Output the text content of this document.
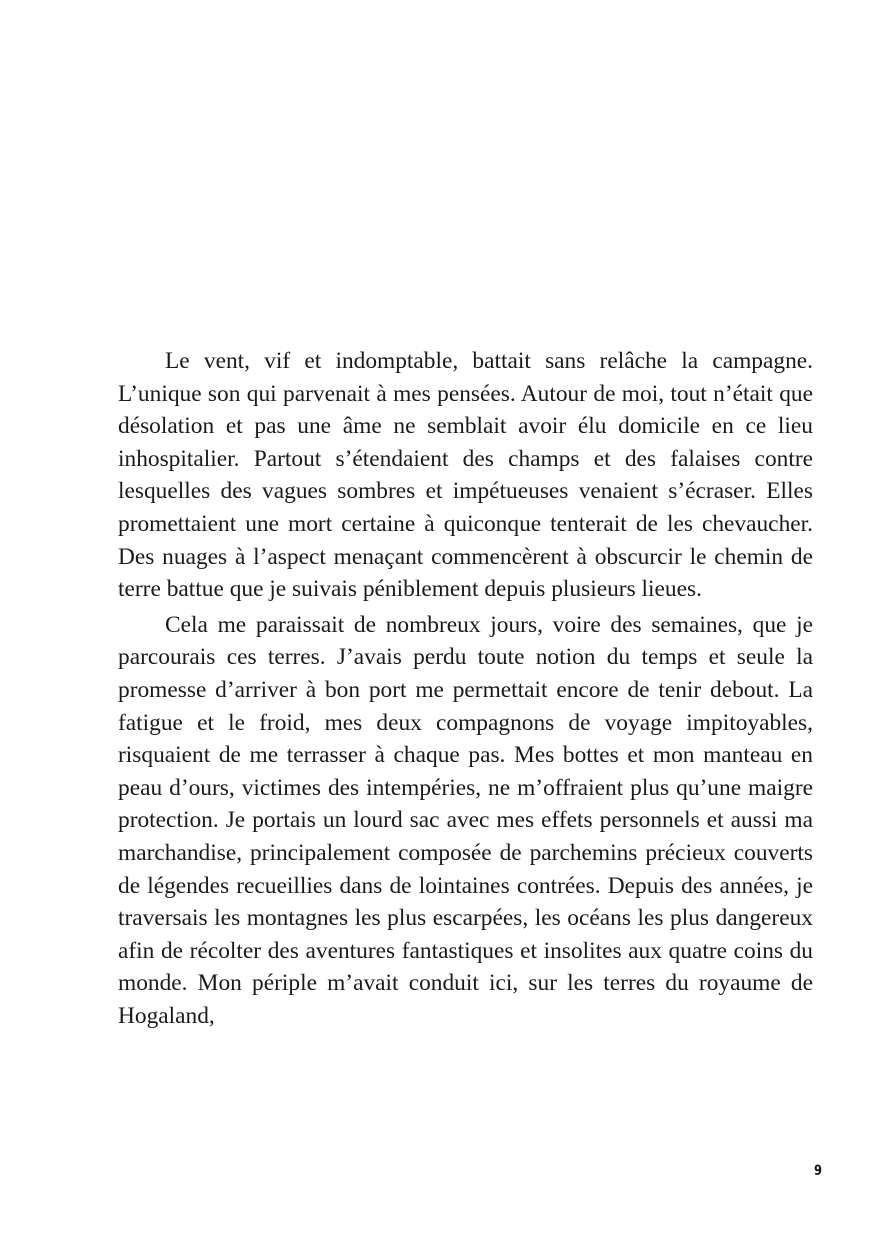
Le vent, vif et indomptable, battait sans relâche la campagne. L’unique son qui parvenait à mes pensées. Autour de moi, tout n’était que désolation et pas une âme ne semblait avoir élu domicile en ce lieu inhospitalier. Partout s’étendaient des champs et des falaises contre lesquelles des vagues sombres et impétueuses venaient s’écraser. Elles promettaient une mort certaine à quiconque tenterait de les chevaucher. Des nuages à l’aspect menaçant commencèrent à obscurcir le chemin de terre battue que je suivais péniblement depuis plusieurs lieues.

Cela me paraissait de nombreux jours, voire des semaines, que je parcourais ces terres. J’avais perdu toute notion du temps et seule la promesse d’arriver à bon port me permettait encore de tenir debout. La fatigue et le froid, mes deux compagnons de voyage impitoyables, risquaient de me terrasser à chaque pas. Mes bottes et mon manteau en peau d’ours, victimes des intempéries, ne m’offraient plus qu’une maigre protection. Je portais un lourd sac avec mes effets personnels et aussi ma marchandise, principalement composée de parchemins précieux couverts de légendes recueillies dans de lointaines contrées. Depuis des années, je traversais les montagnes les plus escarpées, les océans les plus dangereux afin de récolter des aventures fantastiques et insolites aux quatre coins du monde. Mon périple m’avait conduit ici, sur les terres du royaume de Hogaland,

9
